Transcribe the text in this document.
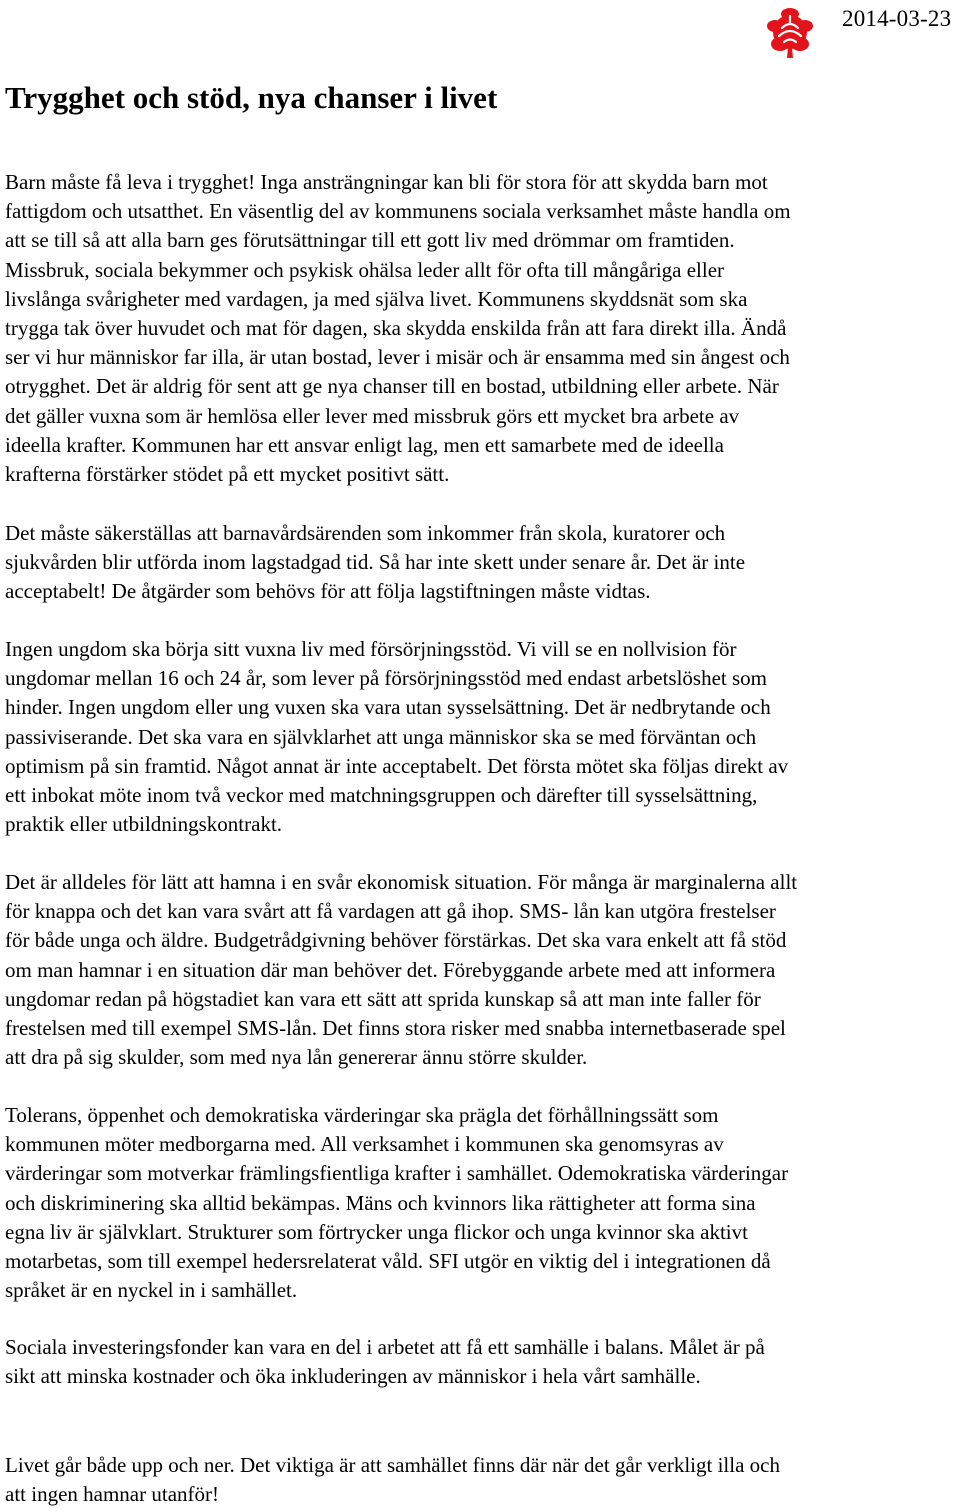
2014-03-23
Trygghet och stöd, nya chanser i livet

Barn måste få leva i trygghet! Inga ansträngningar kan bli för stora för att skydda barn mot
fattigdom och utsatthet. En väsentlig del av kommunens sociala verksamhet måste handla om
att se till så att alla barn ges förutsättningar till ett gott liv med drömmar om framtiden.
Missbruk, sociala bekymmer och psykisk ohälsa leder allt för ofta till mångåriga eller
livslånga svårigheter med vardagen, ja med själva livet. Kommunens skyddsnät som ska
trygga tak över huvudet och mat för dagen, ska skydda enskilda från att fara direkt illa. Ändå
ser vi hur människor far illa, är utan bostad, lever i misär och är ensamma med sin ångest och
otrygghet. Det är aldrig för sent att ge nya chanser till en bostad, utbildning eller arbete. När
det gäller vuxna som är hemlösa eller lever med missbruk görs ett mycket bra arbete av
ideella krafter. Kommunen har ett ansvar enligt lag, men ett samarbete med de ideella
krafterna förstärker stödet på ett mycket positivt sätt.

Det måste säkerställas att barnavårdsärenden som inkommer från skola, kuratorer och
sjukvården blir utförda inom lagstadgad tid. Så har inte skett under senare år. Det är inte
acceptabelt! De åtgärder som behövs för att följa lagstiftningen måste vidtas.

Ingen ungdom ska börja sitt vuxna liv med försörjningsstöd. Vi vill se en nollvision för
ungdomar mellan 16 och 24 år, som lever på försörjningsstöd med endast arbetslöshet som
hinder. Ingen ungdom eller ung vuxen ska vara utan sysselsättning. Det är nedbrytande och
passiviserande. Det ska vara en självklarhet att unga människor ska se med förväntan och
optimism på sin framtid. Något annat är inte acceptabelt. Det första mötet ska följas direkt av
ett inbokat möte inom två veckor med matchningsgruppen och därefter till sysselsättning,
praktik eller utbildningskontrakt.

Det är alldeles för lätt att hamna i en svår ekonomisk situation. För många är marginalerna allt
för knappa och det kan vara svårt att få vardagen att gå ihop. SMS- lån kan utgöra frestelser
för både unga och äldre. Budgetrådgivning behöver förstärkas. Det ska vara enkelt att få stöd
om man hamnar i en situation där man behöver det. Förebyggande arbete med att informera
ungdomar redan på högstadiet kan vara ett sätt att sprida kunskap så att man inte faller för
frestelsen med till exempel SMS-lån. Det finns stora risker med snabba internetbaserade spel
att dra på sig skulder, som med nya lån genererar ännu större skulder.

Tolerans, öppenhet och demokratiska värderingar ska prägla det förhållningssätt som
kommunen möter medborgarna med. All verksamhet i kommunen ska genomsyras av
värderingar som motverkar främlingsfientliga krafter i samhället. Odemokratiska värderingar
och diskriminering ska alltid bekämpas. Mäns och kvinnors lika rättigheter att forma sina
egna liv är självklart. Strukturer som förtrycker unga flickor och unga kvinnor ska aktivt
motarbetas, som till exempel hedersrelaterat våld. SFI utgör en viktig del i integrationen då
språket är en nyckel in i samhället.

Sociala investeringsfonder kan vara en del i arbetet att få ett samhälle i balans. Målet är på
sikt att minska kostnader och öka inkluderingen av människor i hela vårt samhälle.

Livet går både upp och ner. Det viktiga är att samhället finns där när det går verkligt illa och
att ingen hamnar utanför!
